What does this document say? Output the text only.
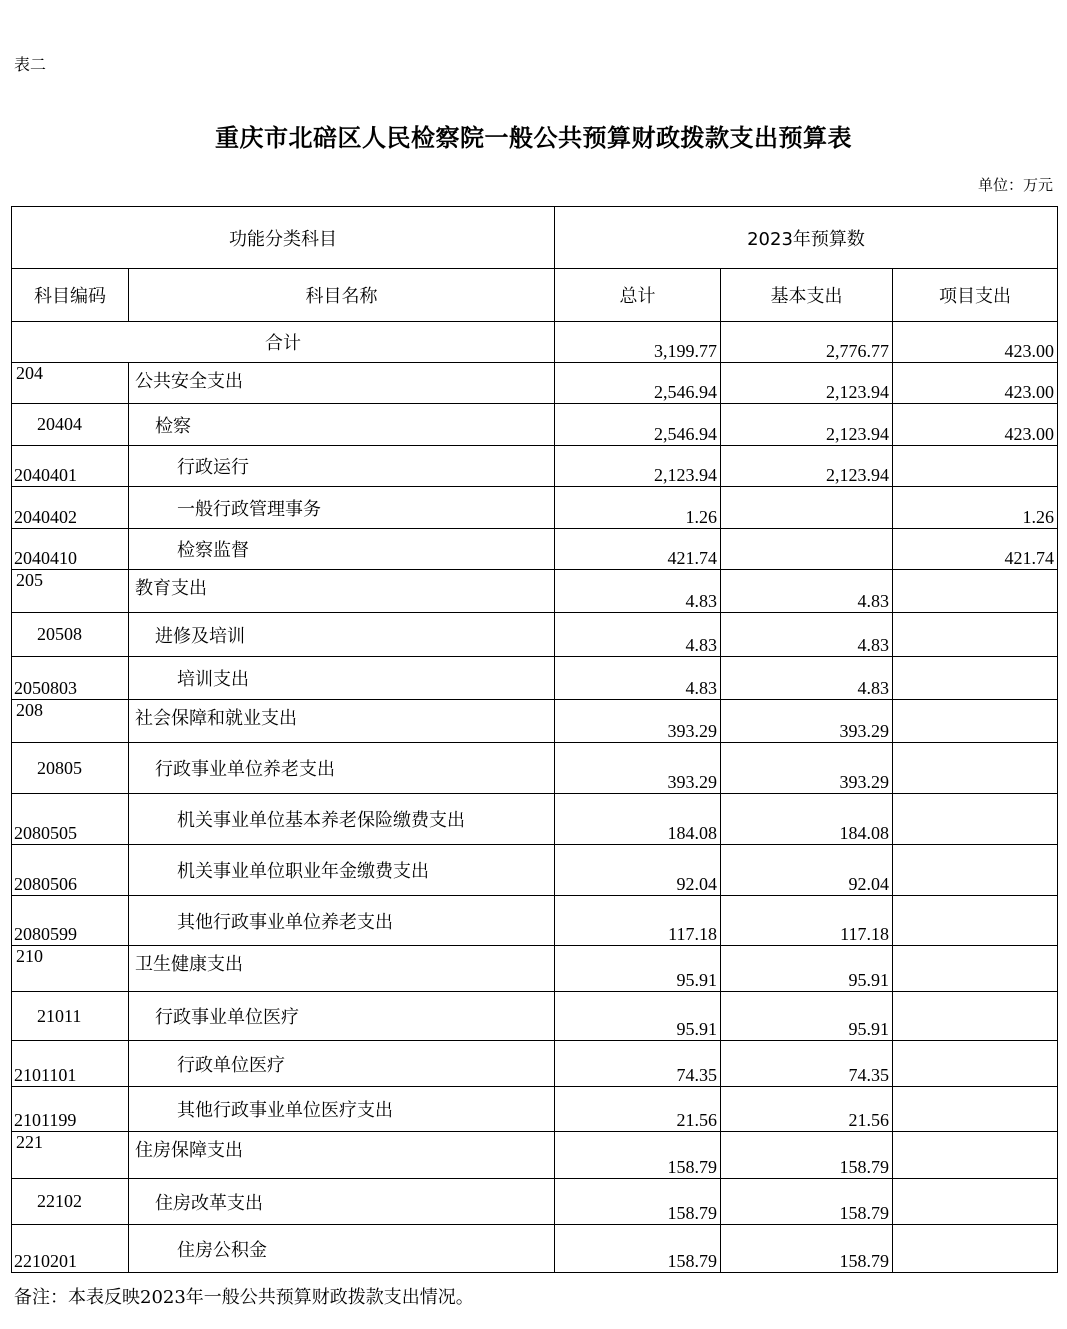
表二
重庆市北碚区人民检察院一般公共预算财政拨款支出预算表
单位：万元
功能分类科目		2023年预算数		
科目编码	科目名称	总计	基本支出	项目支出
合计		3,199.77	2,776.77	423.00
204	公共安全支出	2,546.94	2,123.94	423.00
20404	检察	2,546.94	2,123.94	423.00
2040401	行政运行	2,123.94	2,123.94	
2040402	一般行政管理事务	1.26		1.26
2040410	检察监督	421.74		421.74
205	教育支出	4.83	4.83	
20508	进修及培训	4.83	4.83	
2050803	培训支出	4.83	4.83	
208	社会保障和就业支出	393.29	393.29	
20805	行政事业单位养老支出	393.29	393.29	
2080505	机关事业单位基本养老保险缴费支出	184.08	184.08	
2080506	机关事业单位职业年金缴费支出	92.04	92.04	
2080599	其他行政事业单位养老支出	117.18	117.18	
210	卫生健康支出	95.91	95.91	
21011	行政事业单位医疗	95.91	95.91	
2101101	行政单位医疗	74.35	74.35	
2101199	其他行政事业单位医疗支出	21.56	21.56	
221	住房保障支出	158.79	158.79	
22102	住房改革支出	158.79	158.79	
2210201	住房公积金	158.79	158.79	
备注：本表反映2023年一般公共预算财政拨款支出情况。
